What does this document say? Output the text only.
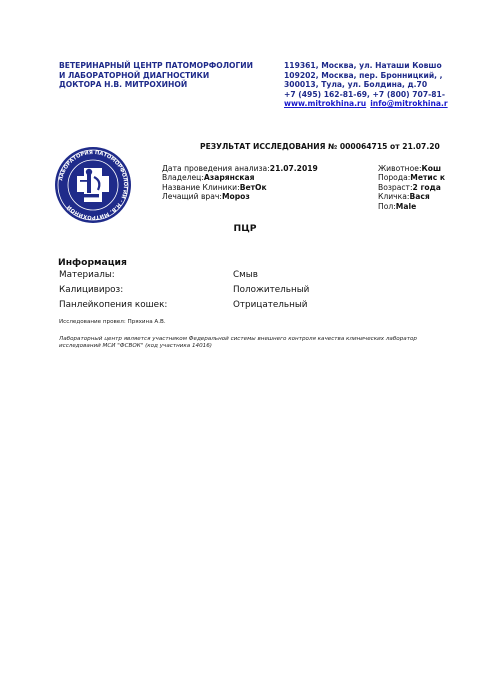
ВЕТЕРИНАРНЫЙ ЦЕНТР ПАТОМОРФОЛОГИИ
И ЛАБОРАТОРНОЙ ДИАГНОСТИКИ
ДОКТОРА Н.В. МИТРОХИНОЙ
119361, Москва, ул. Наташи Ковшо
109202, Москва, пер. Бронницкий, ,
300013, Тула, ул. Болдина, д.70
+7 (495) 162-81-69, +7 (800) 707-81-
www.mitrokhina.ru info@mitrokhina.r
РЕЗУЛЬТАТ ИССЛЕДОВАНИЯ № 000064715 от 21.07.20
ЛАБОРАТОРИЯ ПАТОМОРФОЛОГИИ · Н.В. МИТРОХИНОЙ
Дата проведения анализа:21.07.2019
Владелец:Азарянская
Название Клиники:ВетОк
Лечащий врач:Мороз
Животное:Кош
Порода:Метис к
Возраст:2 года
Кличка:Вася
Пол:Male
ПЦР
Информация
Материалы:	Смыв
Калицивироз:	Положительный
Панлейкопения кошек:	Отрицательный
Исследование провел: Пряхина А.В.
Лабораторный центр является участником Федеральной системы внешнего контроля качества клинических лаборатор
исследований МСИ "ФСВОК" (код участника 14016)
